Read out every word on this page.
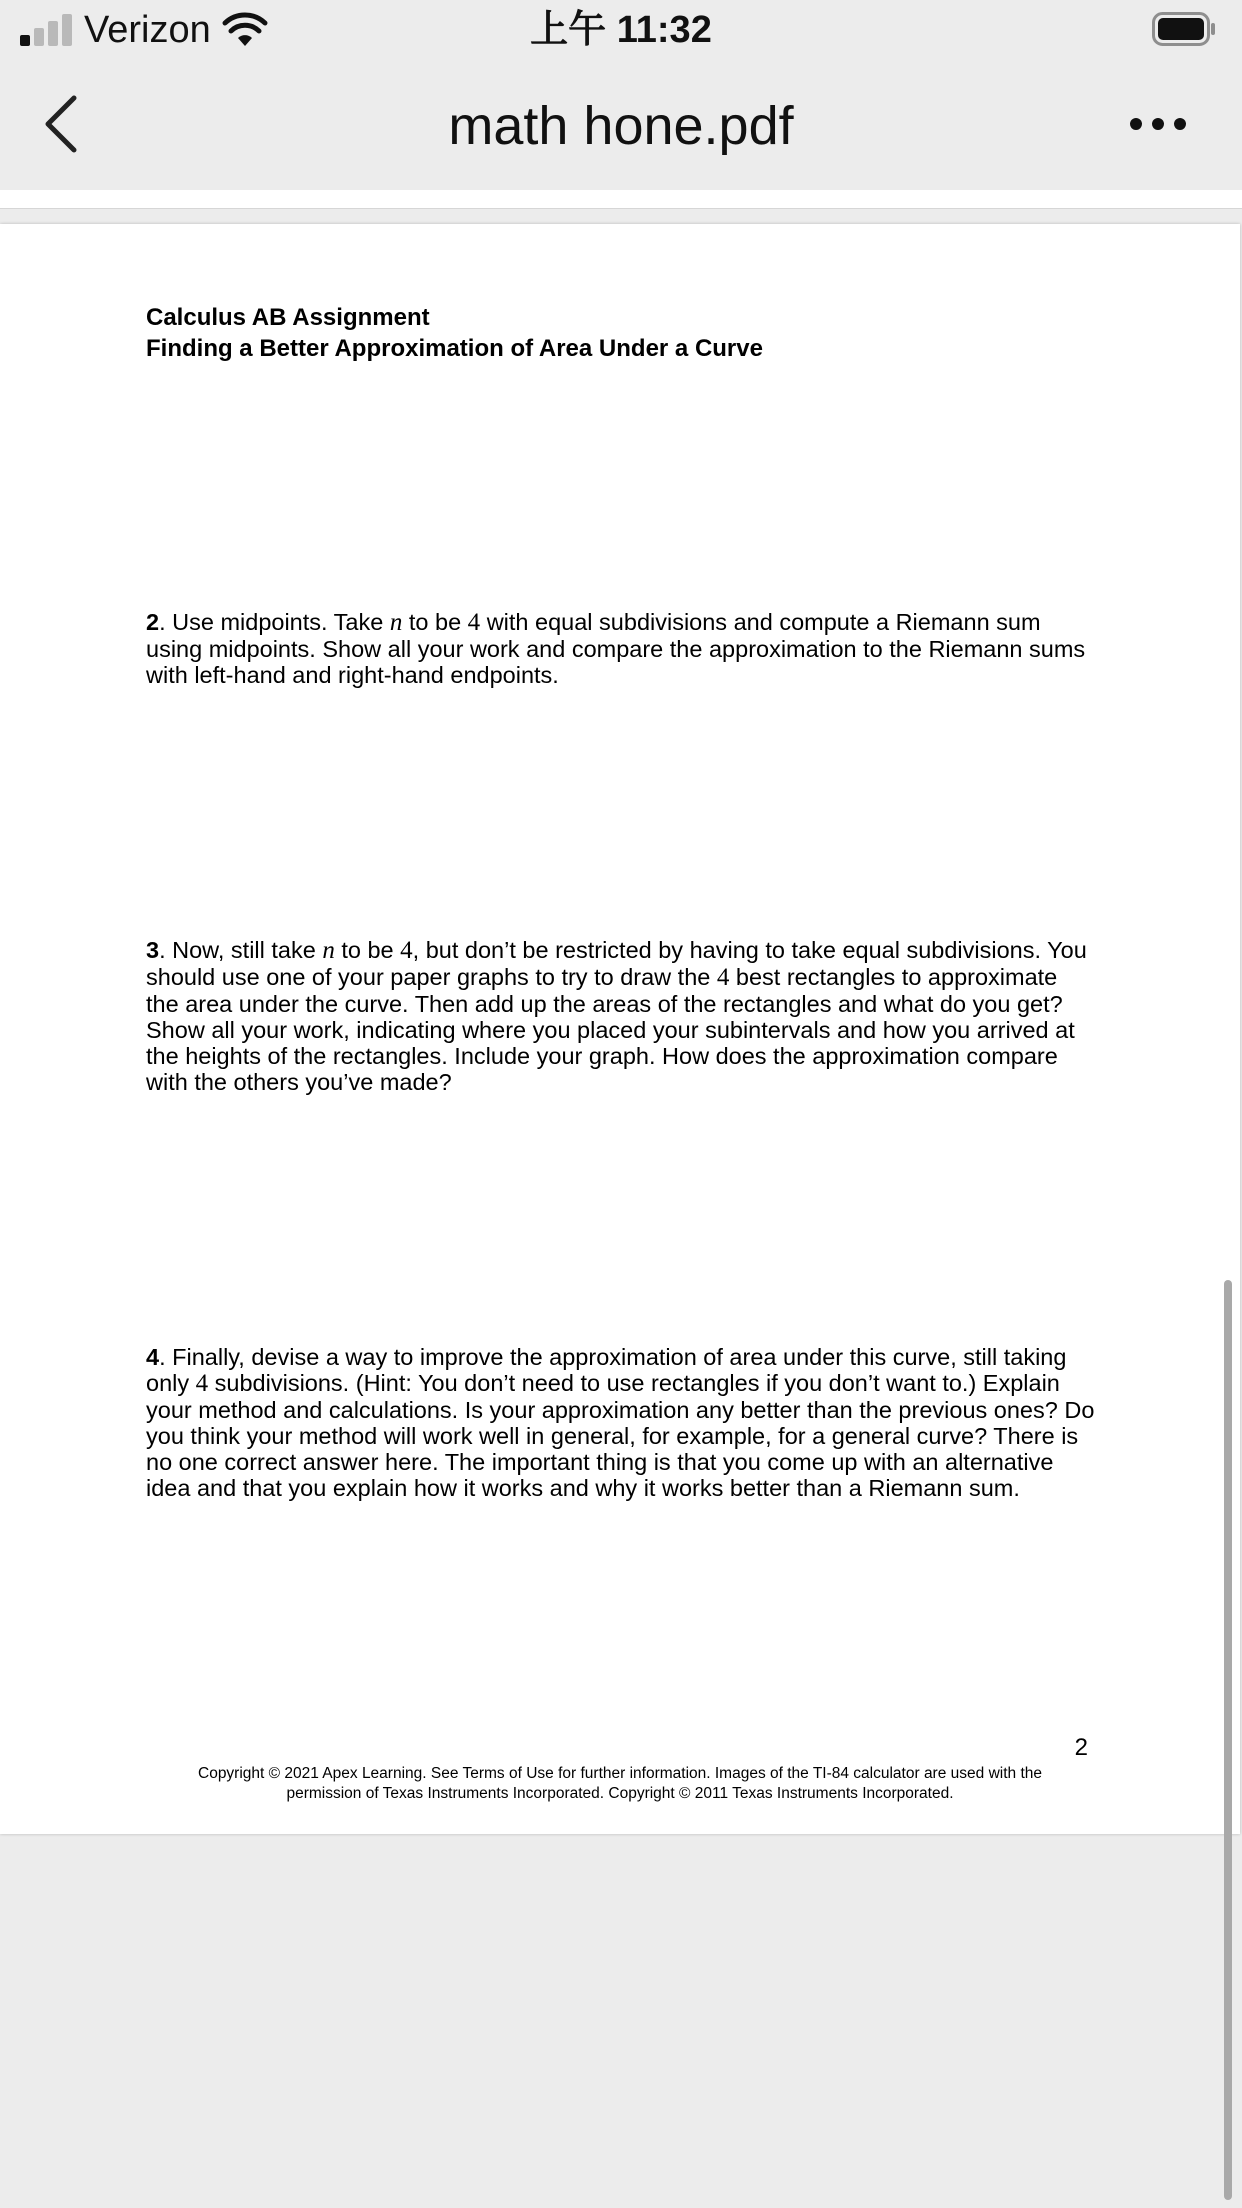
Verizon	上午 11:32
math hone.pdf
Calculus AB Assignment
Finding a Better Approximation of Area Under a Curve
2. Use midpoints. Take n to be 4 with equal subdivisions and compute a Riemann sum using midpoints. Show all your work and compare the approximation to the Riemann sums with left-hand and right-hand endpoints.
3. Now, still take n to be 4, but don’t be restricted by having to take equal subdivisions. You should use one of your paper graphs to try to draw the 4 best rectangles to approximate the area under the curve. Then add up the areas of the rectangles and what do you get? Show all your work, indicating where you placed your subintervals and how you arrived at the heights of the rectangles. Include your graph. How does the approximation compare with the others you’ve made?
4. Finally, devise a way to improve the approximation of area under this curve, still taking only 4 subdivisions. (Hint: You don’t need to use rectangles if you don’t want to.) Explain your method and calculations. Is your approximation any better than the previous ones? Do you think your method will work well in general, for example, for a general curve? There is no one correct answer here. The important thing is that you come up with an alternative idea and that you explain how it works and why it works better than a Riemann sum.
2
Copyright © 2021 Apex Learning. See Terms of Use for further information. Images of the TI-84 calculator are used with the
permission of Texas Instruments Incorporated. Copyright © 2011 Texas Instruments Incorporated.
